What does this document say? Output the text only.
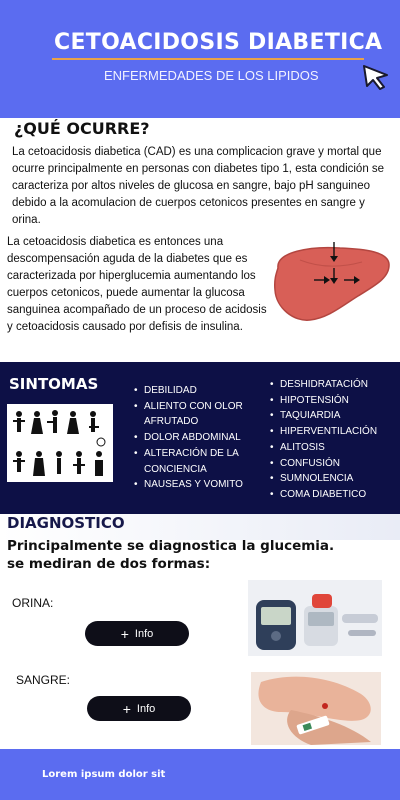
CETOACIDOSIS DIABETICA
ENFERMEDADES DE LOS LIPIDOS
¿QUÉ OCURRE?
La cetoacidosis diabetica (CAD) es una complicacion grave y mortal que ocurre principalmente en personas con diabetes tipo 1, esta condición se caracteriza por altos niveles de glucosa en sangre, bajo pH sanguineo debido a la acomulacion de cuerpos cetonicos presentes en sangre y orina.
La cetoacidosis diabetica es entonces una descompensación aguda de la diabetes que es caracterizada por hiperglucemia aumentando los cuerpos cetonicos, puede aumentar la glucosa sanguinea acompañado de un proceso de acidosis y cetoacidosis causado por defisis de insulina.
SINTOMAS
•	DEBILIDAD
• ALIENTO CON OLOR AFRUTADO
• DOLOR ABDOMINAL
• ALTERACIÓN DE LA CONCIENCIA
• NAUSEAS Y VOMITO
• DESHIDRATACIÓN
• HIPOTENSIÓN
• TAQUIARDIA
• HIPERVENTILACIÓN
• ALITOSIS
• CONFUSIÓN
• SUMNOLENCIA
• COMA DIABETICO
DIAGNOSTICO
Principalmente se diagnostica la glucemia.
se mediran de dos formas:
ORINA:
+ Info
SANGRE:
+ Info
Lorem ipsum dolor sit
